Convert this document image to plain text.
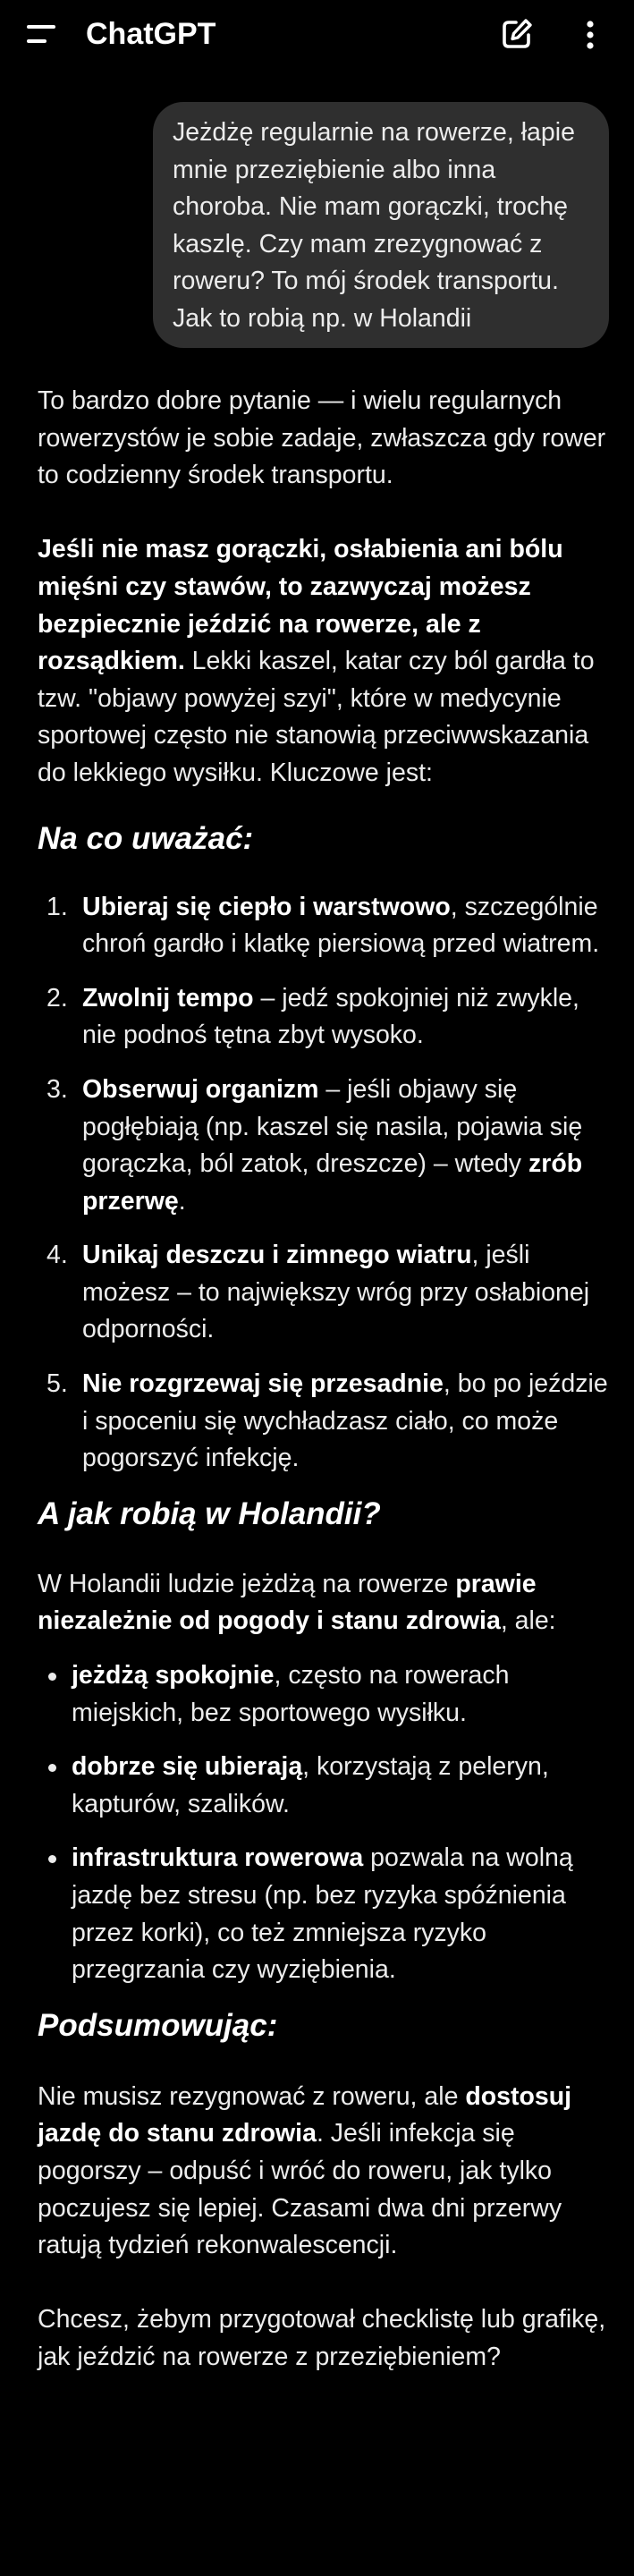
ChatGPT
Jeżdżę regularnie na rowerze, łapie mnie przeziębienie albo inna choroba. Nie mam gorączki, trochę kaszlę. Czy mam zrezygnować z roweru? To mój środek transportu. Jak to robią np. w Holandii

To bardzo dobre pytanie — i wielu regularnych rowerzystów je sobie zadaje, zwłaszcza gdy rower to codzienny środek transportu.

Jeśli nie masz gorączki, osłabienia ani bólu mięśni czy stawów, to zazwyczaj możesz bezpiecznie jeździć na rowerze, ale z rozsądkiem. Lekki kaszel, katar czy ból gardła to tzw. "objawy powyżej szyi", które w medycynie sportowej często nie stanowią przeciwwskazania do lekkiego wysiłku. Kluczowe jest:

Na co uważać:
1. Ubieraj się ciepło i warstwowo, szczególnie chroń gardło i klatkę piersiową przed wiatrem.
2. Zwolnij tempo – jedź spokojniej niż zwykle, nie podnoś tętna zbyt wysoko.
3. Obserwuj organizm – jeśli objawy się pogłębiają (np. kaszel się nasila, pojawia się gorączka, ból zatok, dreszcze) – wtedy zrób przerwę.
4. Unikaj deszczu i zimnego wiatru, jeśli możesz – to największy wróg przy osłabionej odporności.
5. Nie rozgrzewaj się przesadnie, bo po jeździe i spoceniu się wychładzasz ciało, co może pogorszyć infekcję.
A jak robią w Holandii?

W Holandii ludzie jeżdżą na rowerze prawie niezależnie od pogody i stanu zdrowia, ale:

jeżdżą spokojnie, często na rowerach miejskich, bez sportowego wysiłku.
dobrze się ubierają, korzystają z peleryn, kapturów, szalików.
infrastruktura rowerowa pozwala na wolną jazdę bez stresu (np. bez ryzyka spóźnienia przez korki), co też zmniejsza ryzyko przegrzania czy wyziębienia.
Podsumowując:

Nie musisz rezygnować z roweru, ale dostosuj jazdę do stanu zdrowia. Jeśli infekcja się pogorszy – odpuść i wróć do roweru, jak tylko poczujesz się lepiej. Czasami dwa dni przerwy ratują tydzień rekonwalescencji.

Chcesz, żebym przygotował checklistę lub grafikę, jak jeździć na rowerze z przeziębieniem?
